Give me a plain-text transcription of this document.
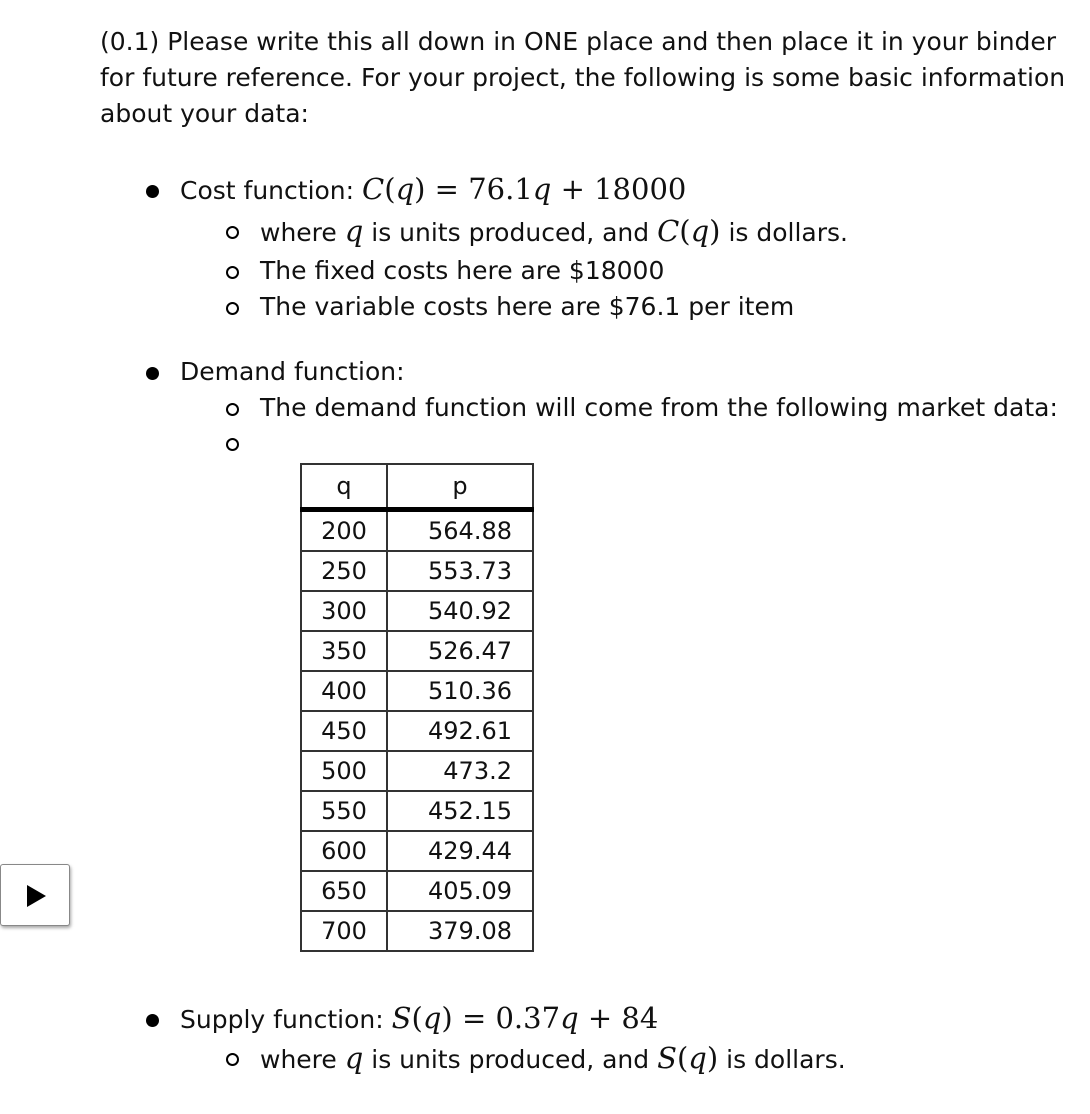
(0.1) Please write this all down in ONE place and then place it in your binder for future reference. For your project, the following is some basic information about your data:
Cost function: C(q) = 76.1q + 18000
where q is units produced, and C(q) is dollars.
The fixed costs here are $18000
The variable costs here are $76.1 per item
Demand function:
The demand function will come from the following market data:
q	p
200	564.88
250	553.73
300	540.92
350	526.47
400	510.36
450	492.61
500	473.2
550	452.15
600	429.44
650	405.09
700	379.08
Supply function: S(q) = 0.37q + 84
where q is units produced, and S(q) is dollars.
